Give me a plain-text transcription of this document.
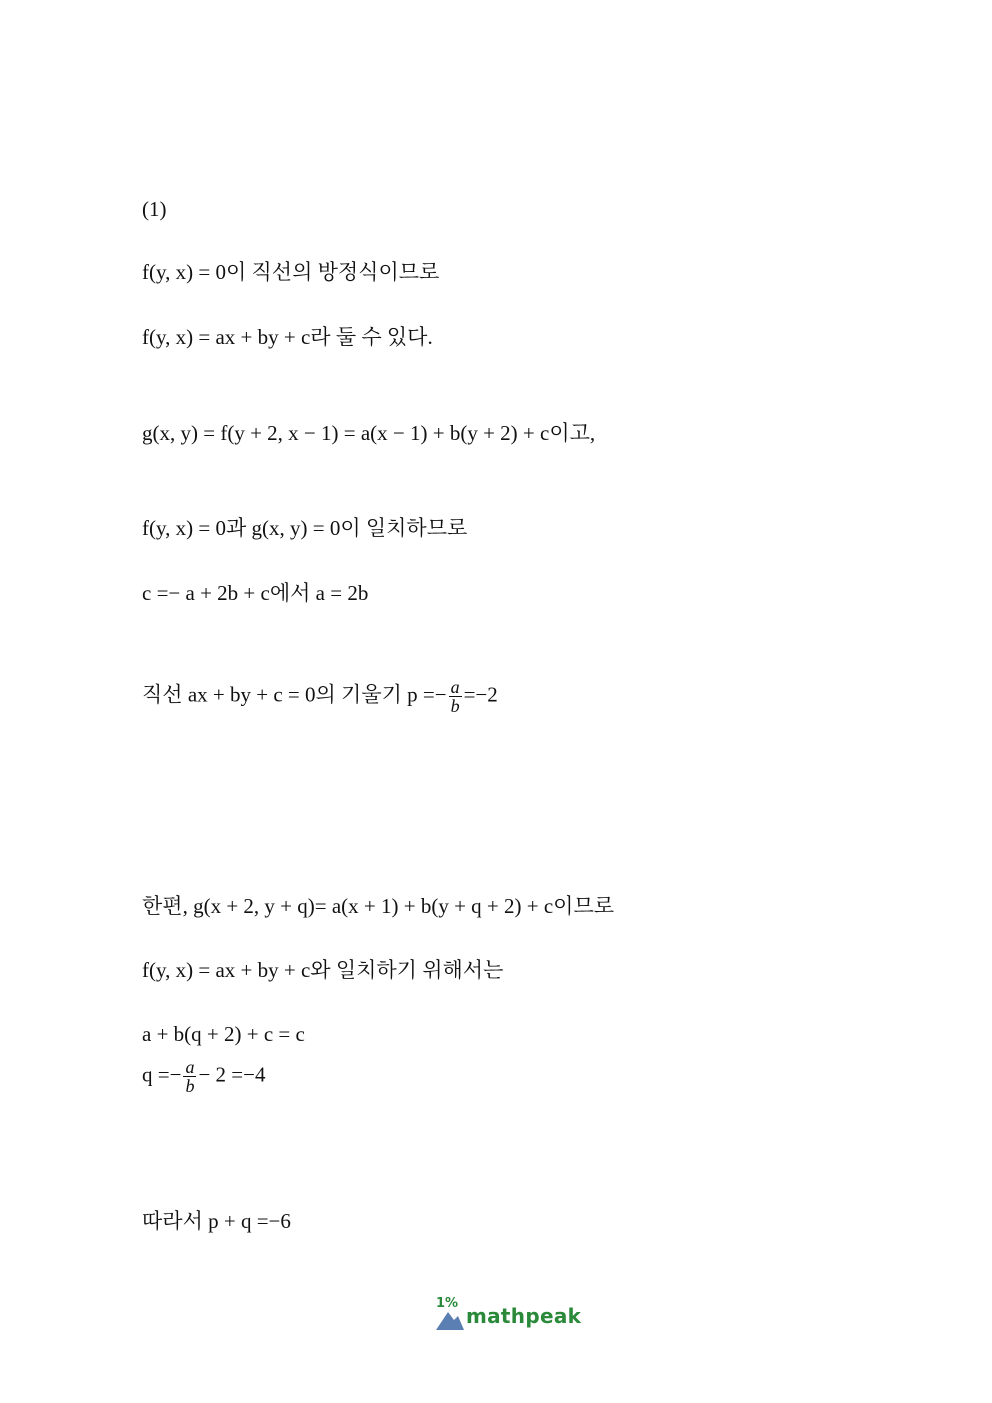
(1)
f(y, x) = 0이 직선의 방정식이므로
f(y, x) = ax + by + c라 둘 수 있다.
g(x, y) = f(y + 2, x − 1) = a(x − 1) + b(y + 2) + c이고,
f(y, x) = 0과 g(x, y) = 0이 일치하므로
c =− a + 2b + c에서 a = 2b
직선 ax + by + c = 0의 기울기 $p =- \frac{a}{b} =-2$
한편, g(x + 2, y + q)= a(x + 1) + b(y + q + 2) + c이므로
f(y, x) = ax + by + c와 일치하기 위해서는
a + b(q + 2) + c = c
$q =- \frac{a}{b} - 2 =-4$
따라서 p + q =−6
1%
mathpeak
